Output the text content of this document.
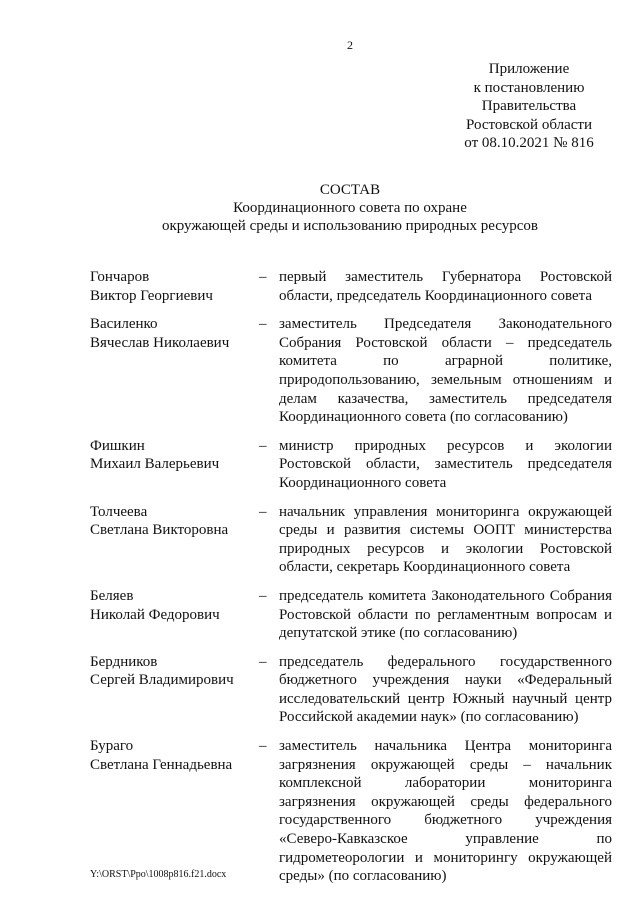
2
Приложение
к постановлению
Правительства
Ростовской области
от 08.10.2021 № 816
СОСТАВ
Координационного совета по охране
окружающей среды и использованию природных ресурсов
Гончаров
Виктор Георгиевич
– первый заместитель Губернатора Ростовской области, председатель Координационного совета
Василенко
Вячеслав Николаевич
– заместитель Председателя Законодательного Собрания Ростовской области – председатель комитета по аграрной политике, природопользованию, земельным отношениям и делам казачества, заместитель председателя Координационного совета (по согласованию)
Фишкин
Михаил Валерьевич
– министр природных ресурсов и экологии Ростовской области, заместитель председателя Координационного совета
Толчеева
Светлана Викторовна
– начальник управления мониторинга окружающей среды и развития системы ООПТ министерства природных ресурсов и экологии Ростовской области, секретарь Координационного совета
Беляев
Николай Федорович
– председатель комитета Законодательного Собрания Ростовской области по регламентным вопросам и депутатской этике (по согласованию)
Бердников
Сергей Владимирович
– председатель федерального государственного бюджетного учреждения науки «Федеральный исследовательский центр Южный научный центр Российской академии наук» (по согласованию)
Бураго
Светлана Геннадьевна
– заместитель начальника Центра мониторинга загрязнения окружающей среды – начальник комплексной лаборатории мониторинга загрязнения окружающей среды федерального государственного бюджетного учреждения «Северо-Кавказское управление по гидрометеорологии и мониторингу окружающей среды» (по согласованию)
Y:\ORST\Ppo\1008p816.f21.docx
